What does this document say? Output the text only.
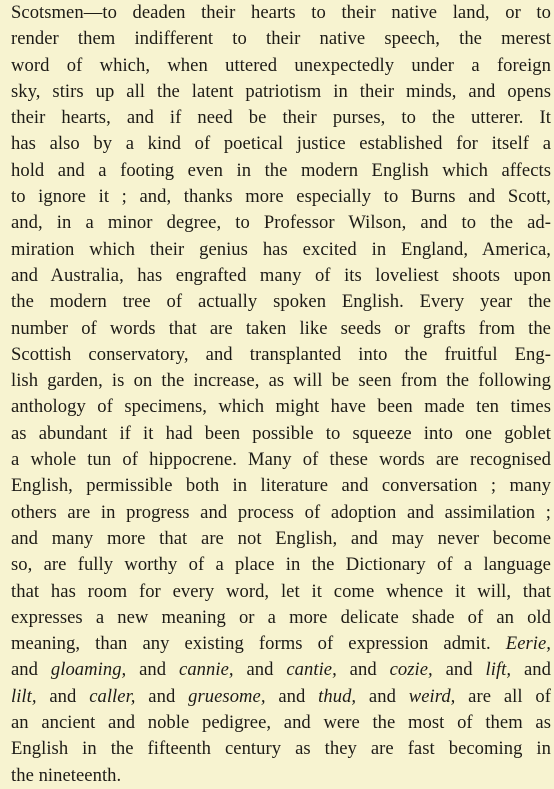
Scotsmen—to deaden their hearts to their native land, or to
render them indifferent to their native speech, the merest
word of which, when uttered unexpectedly under a foreign
sky, stirs up all the latent patriotism in their minds, and opens
their hearts, and if need be their purses, to the utterer. It
has also by a kind of poetical justice established for itself a
hold and a footing even in the modern English which affects
to ignore it ; and, thanks more especially to Burns and Scott,
and, in a minor degree, to Professor Wilson, and to the ad-
miration which their genius has excited in England, America,
and Australia, has engrafted many of its loveliest shoots upon
the modern tree of actually spoken English. Every year the
number of words that are taken like seeds or grafts from the
Scottish conservatory, and transplanted into the fruitful Eng-
lish garden, is on the increase, as will be seen from the following
anthology of specimens, which might have been made ten times
as abundant if it had been possible to squeeze into one goblet
a whole tun of hippocrene. Many of these words are recognised
English, permissible both in literature and conversation ; many
others are in progress and process of adoption and assimilation ;
and many more that are not English, and may never become
so, are fully worthy of a place in the Dictionary of a language
that has room for every word, let it come whence it will, that
expresses a new meaning or a more delicate shade of an old
meaning, than any existing forms of expression admit. Eerie,
and gloaming, and cannie, and cantie, and cozie, and lift, and
lilt, and caller, and gruesome, and thud, and weird, are all of
an ancient and noble pedigree, and were the most of them as
English in the fifteenth century as they are fast becoming in
the nineteenth.
